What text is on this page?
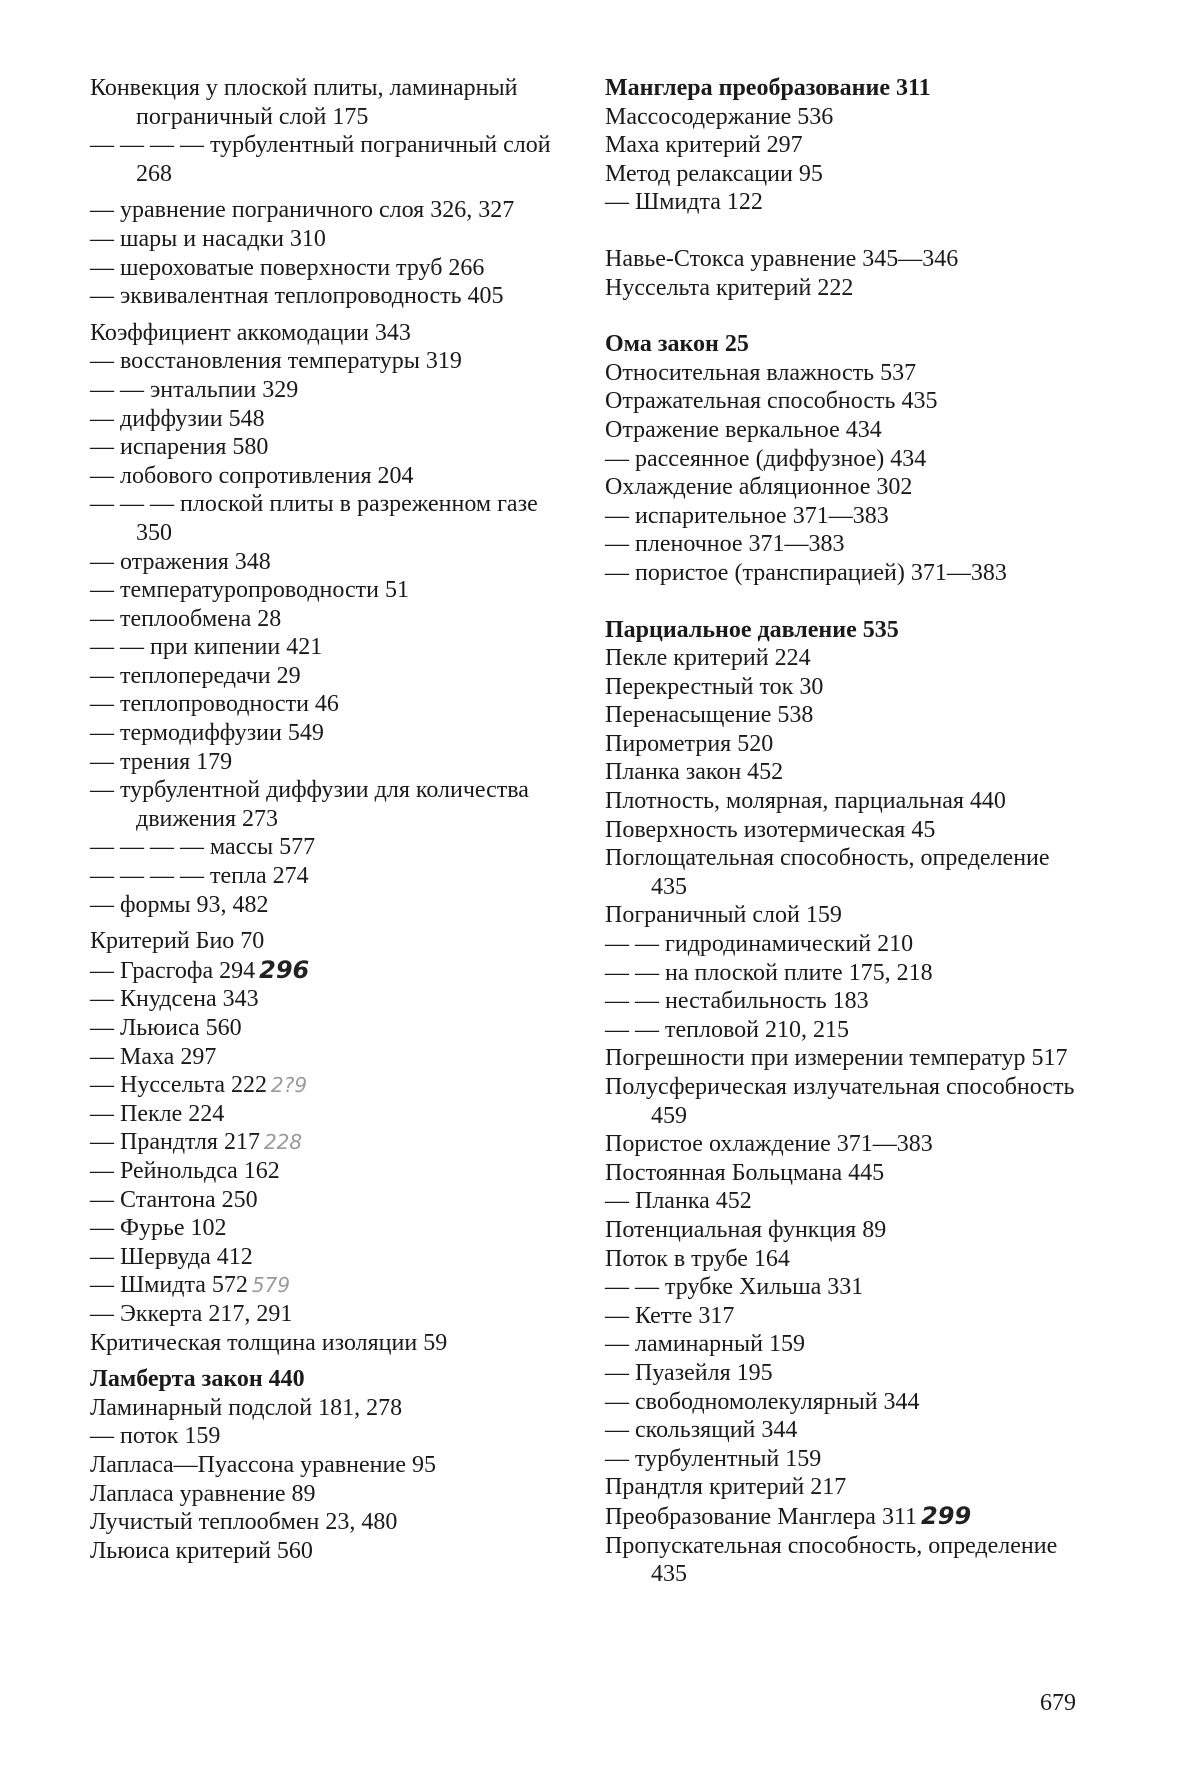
Конвекция у плоской плиты, ламинарный пограничный слой 175

— — — — турбулентный пограничный слой 268

— уравнение пограничного слоя 326, 327

— шары и насадки 310

— шероховатые поверхности труб 266

— эквивалентная теплопроводность 405

Коэффициент аккомодации 343

— восстановления температуры 319

— — энтальпии 329

— диффузии 548

— испарения 580

— лобового сопротивления 204

— — — плоской плиты в разреженном газе 350

— отражения 348

— температуропроводности 51

— теплообмена 28

— — при кипении 421

— теплопередачи 29

— теплопроводности 46

— термодиффузии 549

— трения 179

— турбулентной диффузии для количества движения 273

— — — — массы 577

— — — — тепла 274

— формы 93, 482

Критерий Био 70

— Грасгофа 294 296

— Кнудсена 343

— Льюиса 560

— Маха 297

— Нуссельта 222 2?9

— Пекле 224

— Прандтля 217 228

— Рейнольдса 162

— Стантона 250

— Фурье 102

— Шервуда 412

— Шмидта 572 579

— Эккерта 217, 291

Критическая толщина изоляции 59

Ламберта закон 440

Ламинарный подслой 181, 278

— поток 159

Лапласа—Пуассона уравнение 95

Лапласа уравнение 89

Лучистый теплообмен 23, 480

Льюиса критерий 560

Манглера преобразование 311

Массосодержание 536

Маха критерий 297

Метод релаксации 95

— Шмидта 122

Навье-Стокса уравнение 345—346

Нуссельта критерий 222

Ома закон 25

Относительная влажность 537

Отражательная способность 435

Отражение веркальное 434

— рассеянное (диффузное) 434

Охлаждение абляционное 302

— испарительное 371—383

— пленочное 371—383

— пористое (транспирацией) 371—383

Парциальное давление 535

Пекле критерий 224

Перекрестный ток 30

Перенасыщение 538

Пирометрия 520

Планка закон 452

Плотность, молярная, парциальная 440

Поверхность изотермическая 45

Поглощательная способность, определение 435

Пограничный слой 159

— — гидродинамический 210

— — на плоской плите 175, 218

— — нестабильность 183

— — тепловой 210, 215

Погрешности при измерении температур 517

Полусферическая излучательная способность 459

Пористое охлаждение 371—383

Постоянная Больцмана 445

— Планка 452

Потенциальная функция 89

Поток в трубе 164

— — трубке Хильша 331

— Кетте 317

— ламинарный 159

— Пуазейля 195

— свободномолекулярный 344

— скользящий 344

— турбулентный 159

Прандтля критерий 217

Преобразование Манглера 311 299

Пропускательная способность, определение 435

679
